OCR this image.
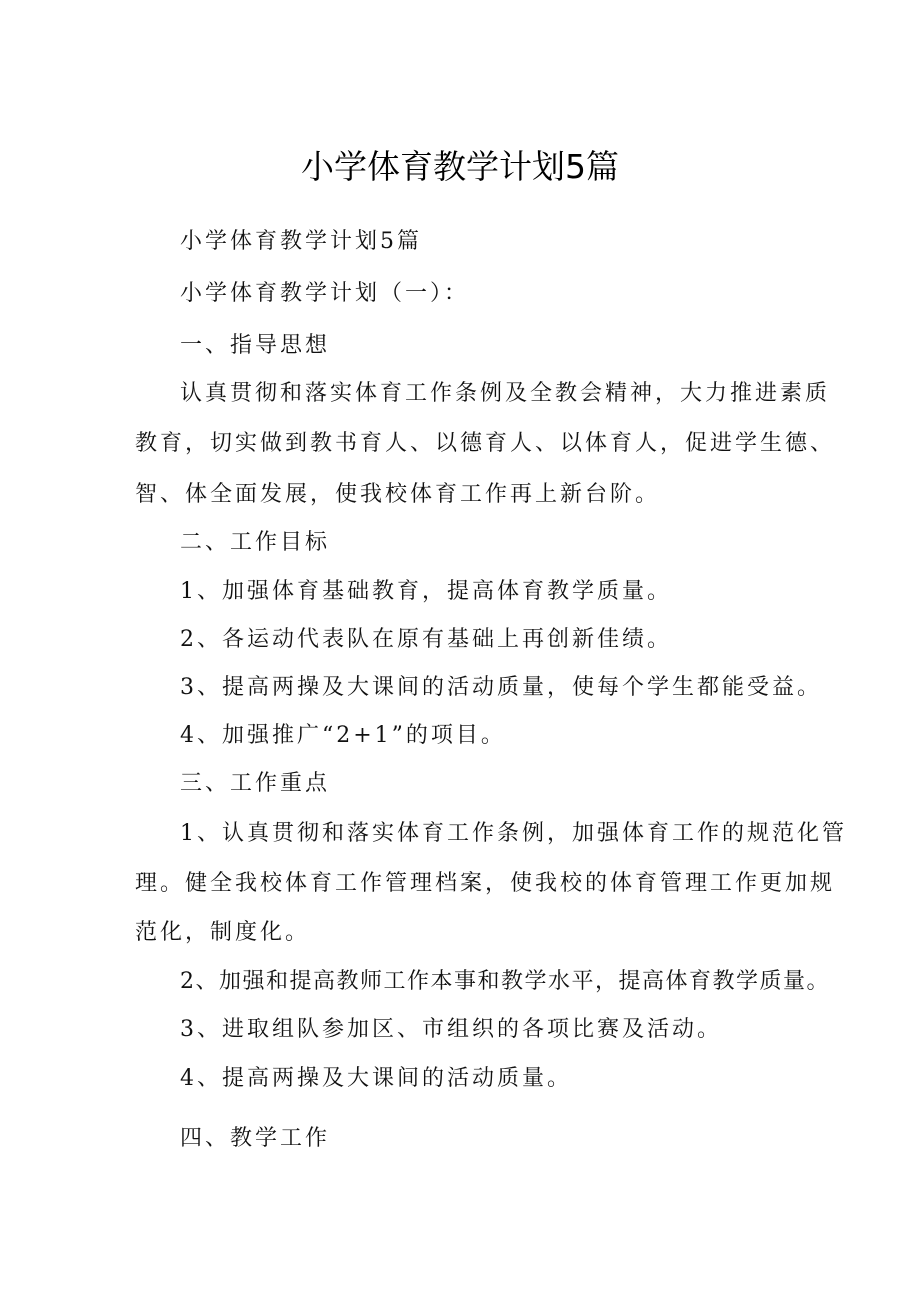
小学体育教学计划5篇
小学体育教学计划5篇
小学体育教学计划（一）：
一、指导思想
认真贯彻和落实体育工作条例及全教会精神，大力推进素质
教育，切实做到教书育人、以德育人、以体育人，促进学生德、
智、体全面发展，使我校体育工作再上新台阶。
二、工作目标
1、加强体育基础教育，提高体育教学质量。
2、各运动代表队在原有基础上再创新佳绩。
3、提高两操及大课间的活动质量，使每个学生都能受益。
4、加强推广“2+1”的项目。
三、工作重点
1、认真贯彻和落实体育工作条例，加强体育工作的规范化管
理。健全我校体育工作管理档案，使我校的体育管理工作更加规
范化，制度化。
2、加强和提高教师工作本事和教学水平，提高体育教学质量。
3、进取组队参加区、市组织的各项比赛及活动。
4、提高两操及大课间的活动质量。
四、教学工作
